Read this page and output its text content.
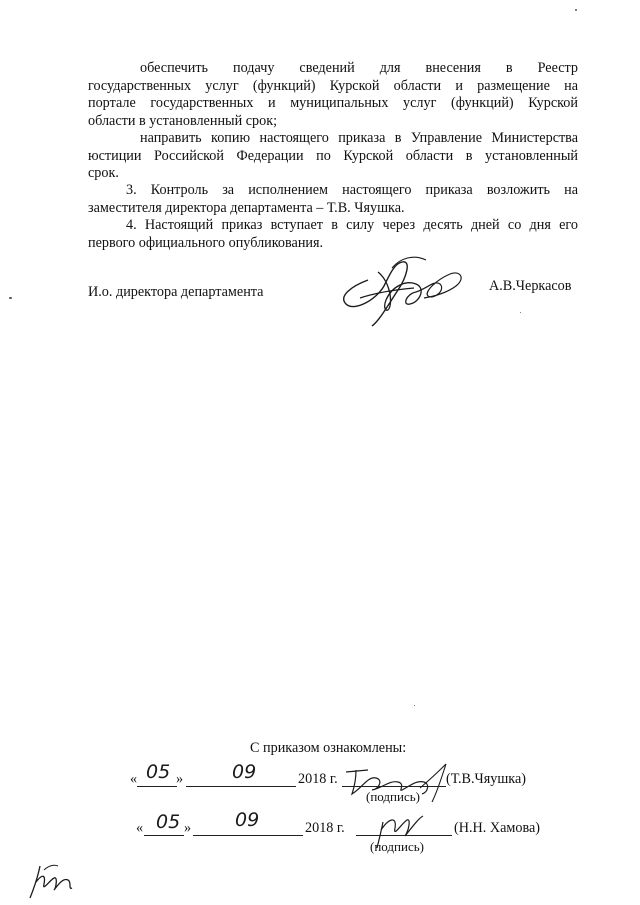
обеспечить подачу сведений для внесения в Реестр
государственных услуг (функций) Курской области и размещение на
портале государственных и муниципальных услуг (функций) Курской
области в установленный срок;
направить копию настоящего приказа в Управление Министерства
юстиции Российской Федерации по Курской области в установленный
срок.
3. Контроль за исполнением настоящего приказа возложить на
заместителя директора департамента – Т.В. Чяушка.
4. Настоящий приказ вступает в силу через десять дней со дня его
первого официального опубликования.
И.о. директора департамента	А.В.Черкасов
С приказом ознакомлены:
« 05 »	09	2018 г.	(Т.В.Чяушка)
(подпись)
« 05 » 09	2018 г.	(Н.Н. Хамова)
(подпись)
